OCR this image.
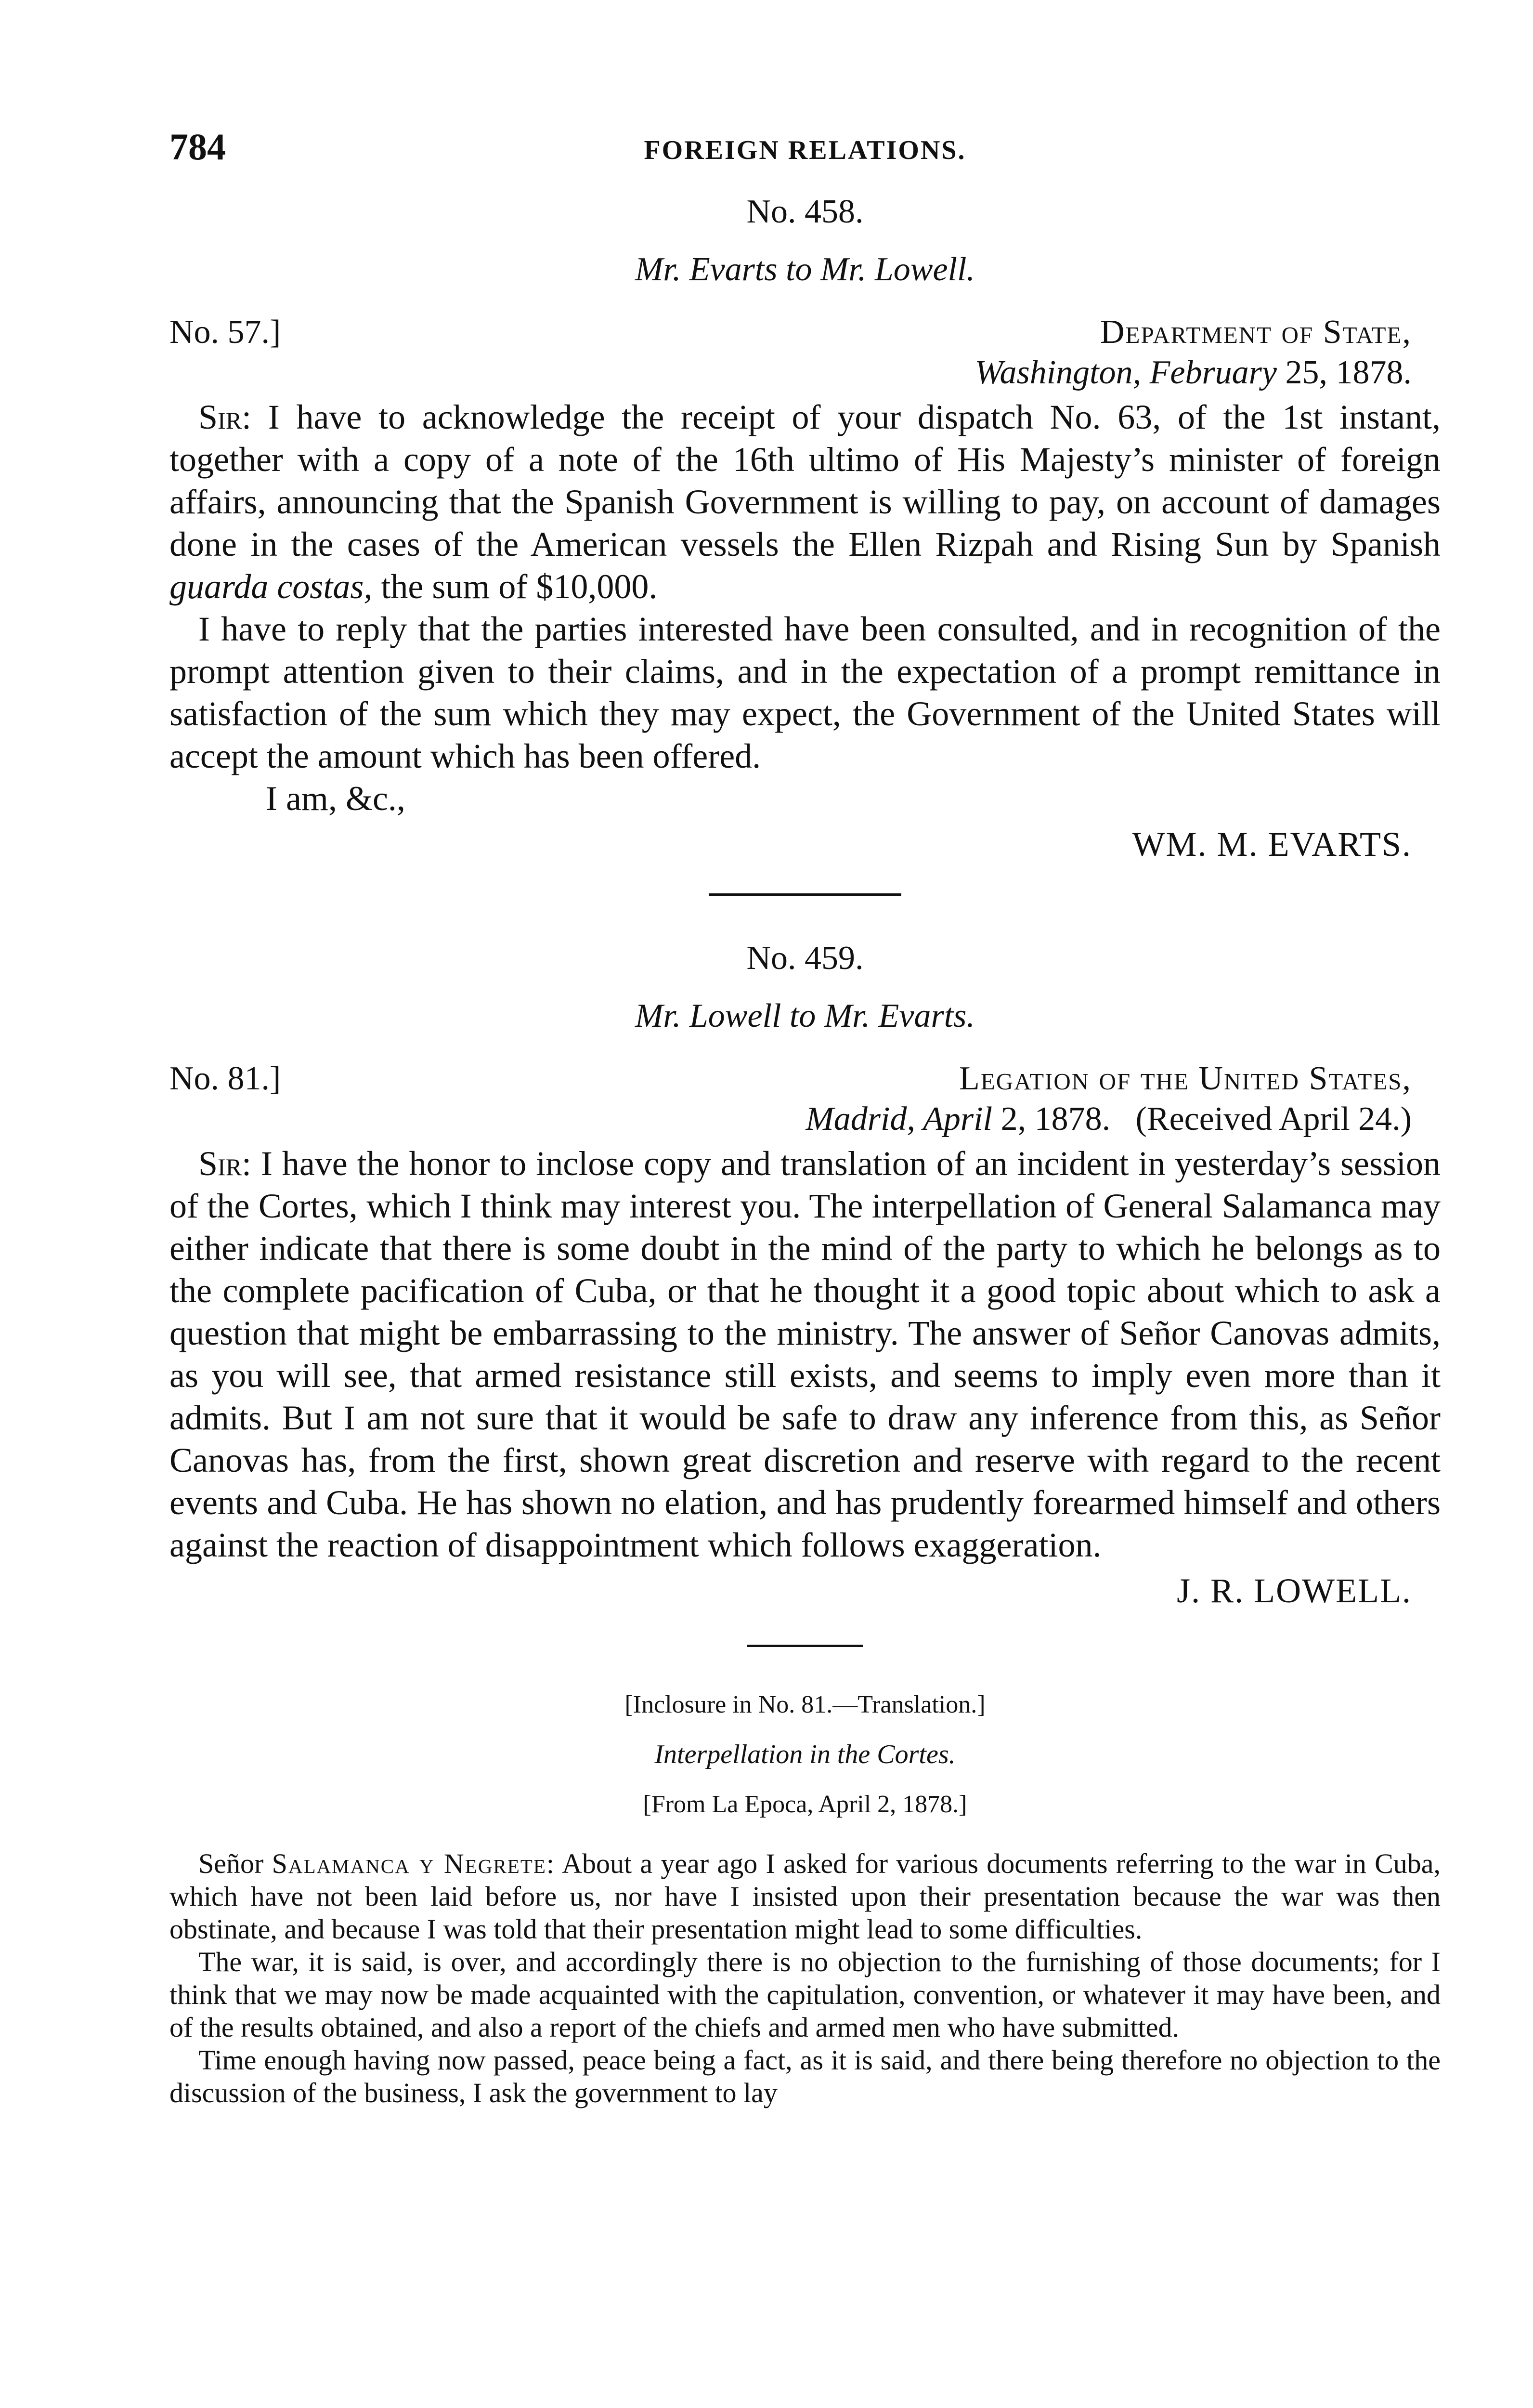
784	FOREIGN RELATIONS.
No. 458.
Mr. Evarts to Mr. Lowell.
No. 57.]	Department of State,
Washington, February 25, 1878.

Sir: I have to acknowledge the receipt of your dispatch No. 63, of the 1st instant, together with a copy of a note of the 16th ultimo of His Majesty’s minister of foreign affairs, announcing that the Spanish Government is willing to pay, on account of damages done in the cases of the American vessels the Ellen Rizpah and Rising Sun by Spanish guarda costas, the sum of $10,000.

I have to reply that the parties interested have been consulted, and in recognition of the prompt attention given to their claims, and in the expectation of a prompt remittance in satisfaction of the sum which they may expect, the Government of the United States will accept the amount which has been offered.

I am, &c.,
WM. M. EVARTS.
No. 459.
Mr. Lowell to Mr. Evarts.
No. 81.]	Legation of the United States,
Madrid, April 2, 1878. (Received April 24.)

Sir: I have the honor to inclose copy and translation of an incident in yesterday’s session of the Cortes, which I think may interest you. The interpellation of General Salamanca may either indicate that there is some doubt in the mind of the party to which he belongs as to the complete pacification of Cuba, or that he thought it a good topic about which to ask a question that might be embarrassing to the ministry. The answer of Señor Canovas admits, as you will see, that armed resistance still exists, and seems to imply even more than it admits. But I am not sure that it would be safe to draw any inference from this, as Señor Canovas has, from the first, shown great discretion and reserve with regard to the recent events and Cuba. He has shown no elation, and has prudently forearmed himself and others against the reaction of disappointment which follows exaggeration.

J. R. LOWELL.
[Inclosure in No. 81.—Translation.]
Interpellation in the Cortes.
[From La Epoca, April 2, 1878.]

Señor Salamanca y Negrete: About a year ago I asked for various documents referring to the war in Cuba, which have not been laid before us, nor have I insisted upon their presentation because the war was then obstinate, and because I was told that their presentation might lead to some difficulties.

The war, it is said, is over, and accordingly there is no objection to the furnishing of those documents; for I think that we may now be made acquainted with the capitulation, convention, or whatever it may have been, and of the results obtained, and also a report of the chiefs and armed men who have submitted.

Time enough having now passed, peace being a fact, as it is said, and there being therefore no objection to the discussion of the business, I ask the government to lay
